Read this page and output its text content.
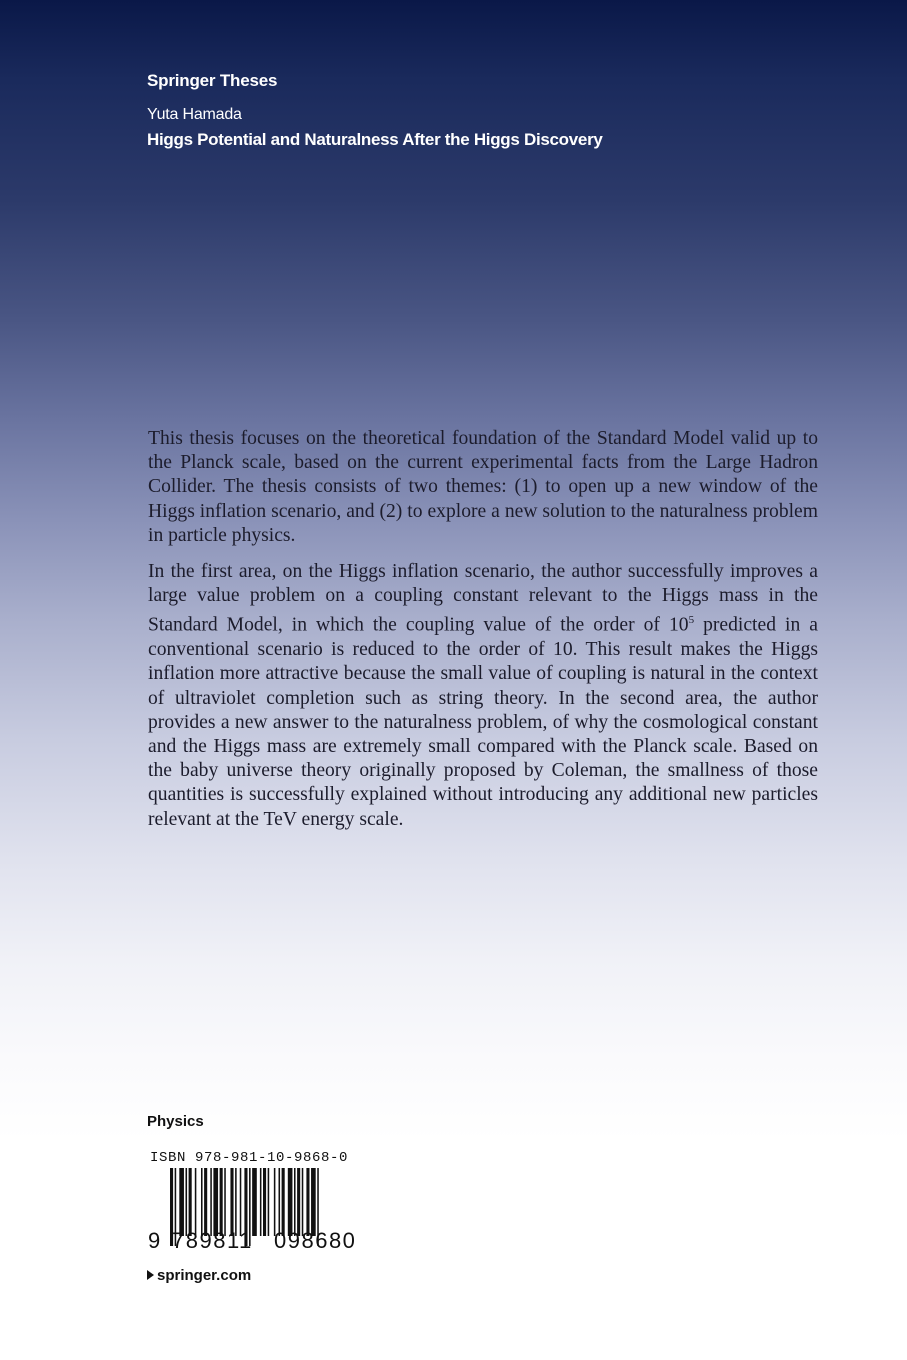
Springer Theses
Yuta Hamada
Higgs Potential and Naturalness After the Higgs Discovery

This thesis focuses on the theoretical foundation of the Standard Model valid up to the Planck scale, based on the current experimental facts from the Large Hadron Collider. The thesis consists of two themes: (1) to open up a new window of the Higgs inflation scenario, and (2) to explore a new solution to the naturalness problem in particle physics.

In the first area, on the Higgs inflation scenario, the author successfully improves a large value problem on a coupling constant relevant to the Higgs mass in the Standard Model, in which the coupling value of the order of $10^5$ predicted in a conventional scenario is reduced to the order of 10. This result makes the Higgs inflation more attractive because the small value of coupling is natural in the context of ultraviolet completion such as string theory. In the second area, the author provides a new answer to the naturalness problem, of why the cosmological constant and the Higgs mass are extremely small compared with the Planck scale. Based on the baby universe theory originally proposed by Coleman, the smallness of those quantities is successfully explained without introducing any additional new particles relevant at the TeV energy scale.

Physics
ISBN 978-981-10-9868-0
9 789811 098680
springer.com
